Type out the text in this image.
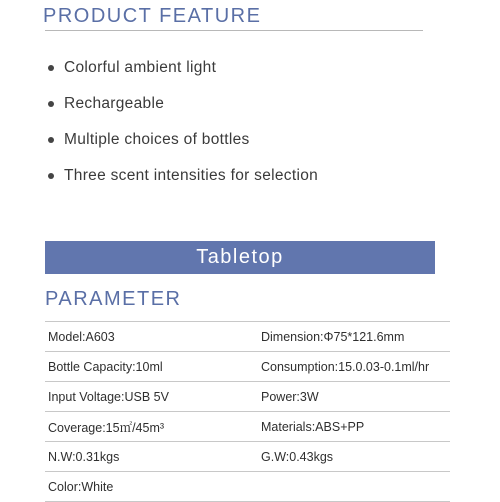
PRODUCT FEATURE
Colorful ambient light
Rechargeable
Multiple choices of bottles
Three scent intensities for selection
Tabletop
PARAMETER
Model:A603	Dimension:Φ75*121.6mm
Bottle Capacity:10ml	Consumption:15.0.03-0.1ml/hr
Input Voltage:USB 5V	Power:3W
Coverage:15㎡/45m³	Materials:ABS+PP
N.W:0.31kgs	G.W:0.43kgs
Color:White
